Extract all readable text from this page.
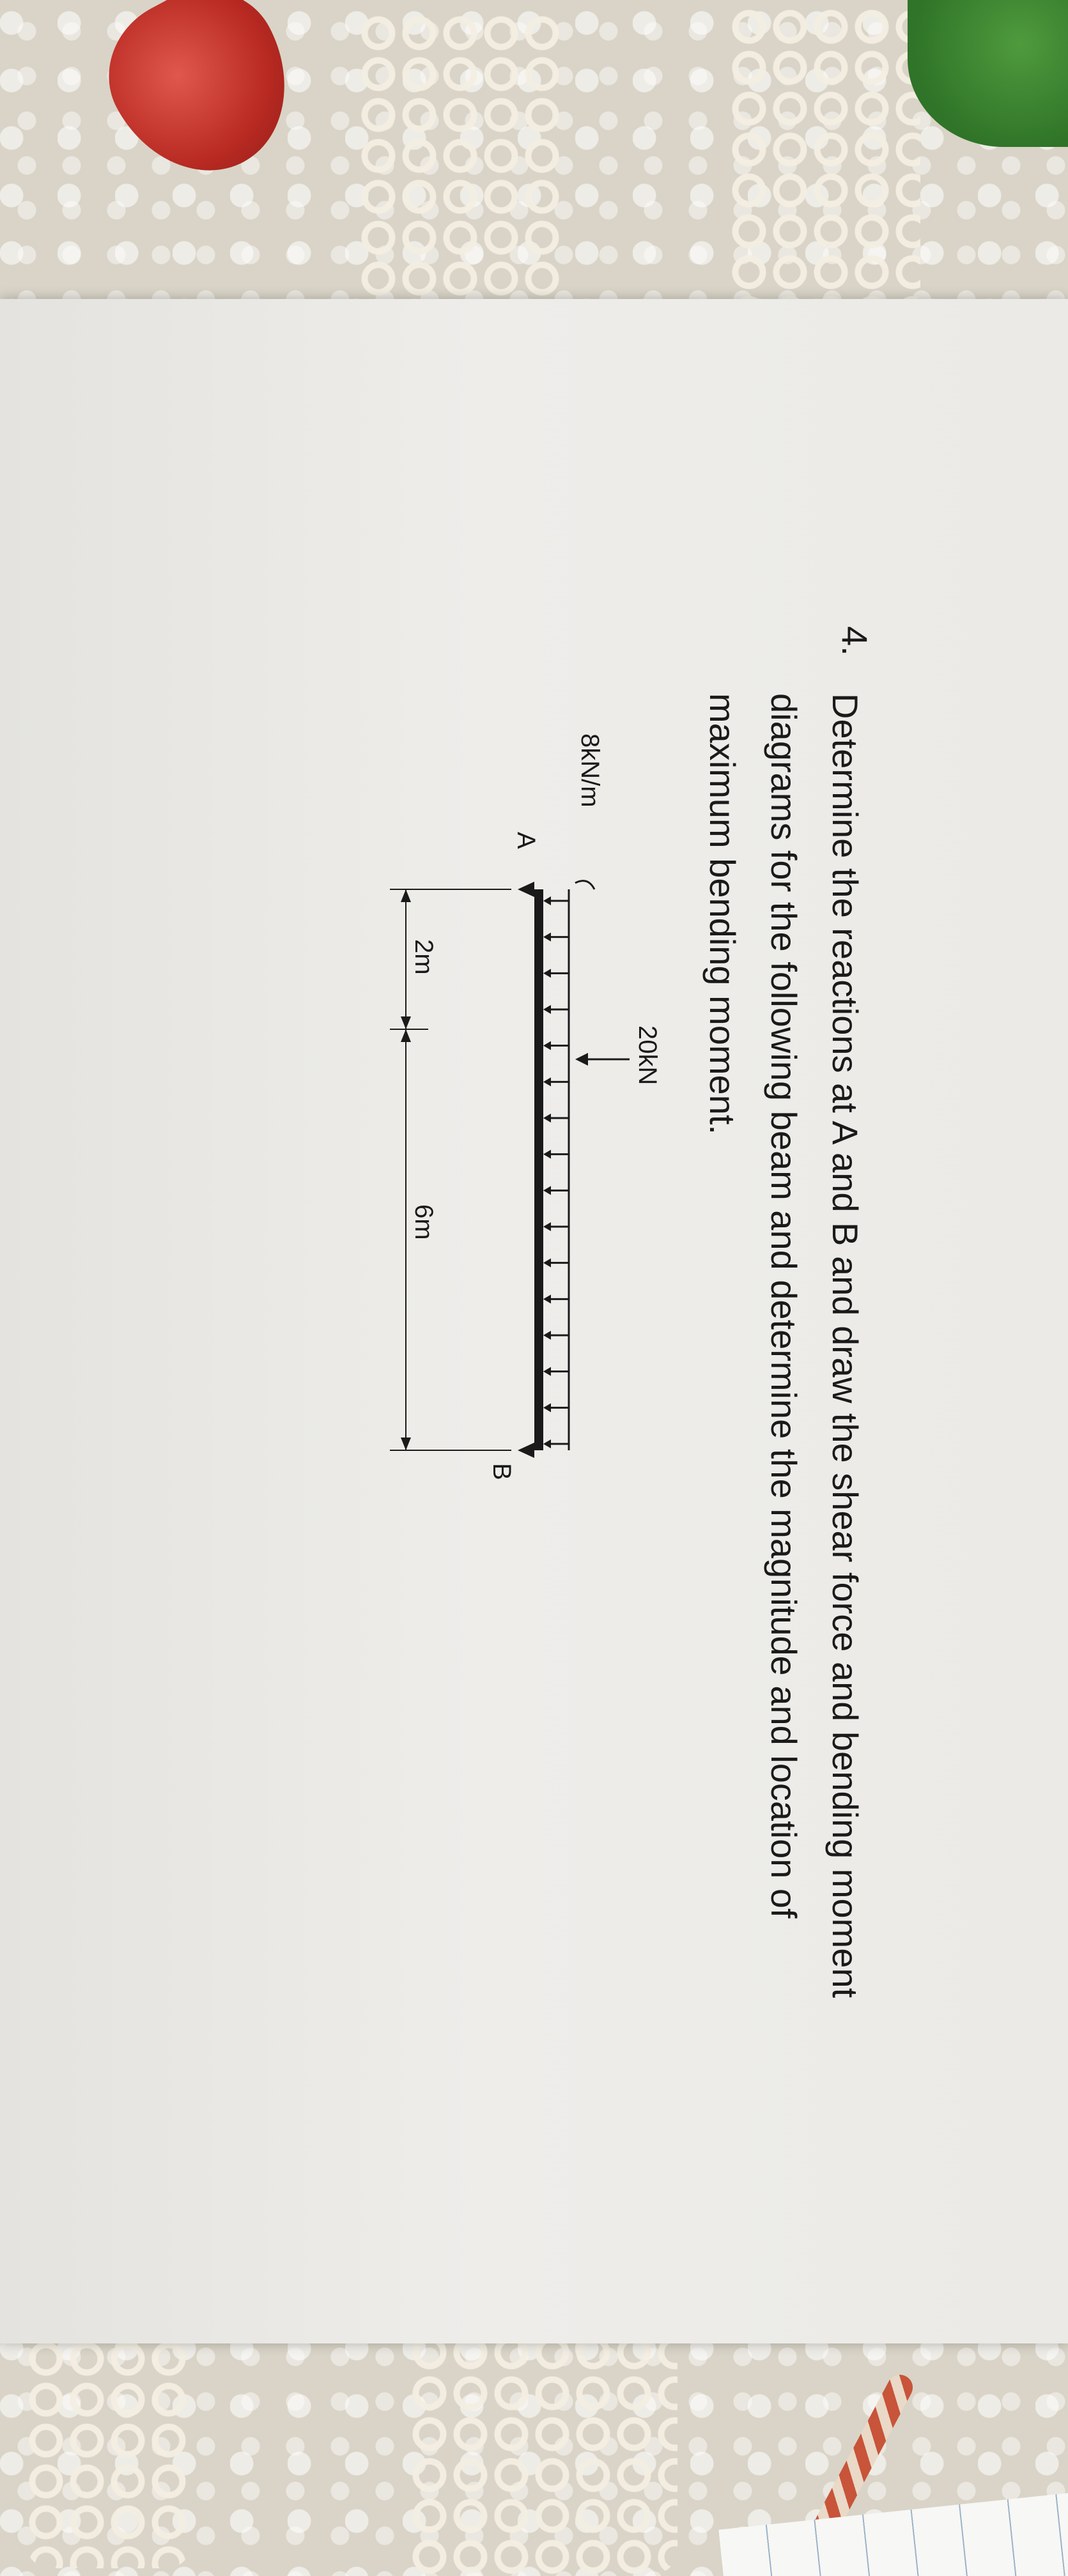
4.
Determine the reactions at A and B and draw the shear force and bending moment diagrams for the following beam and determine the magnitude and location of maximum bending moment.
8kN/m
20kN
A
B
2m
6m
